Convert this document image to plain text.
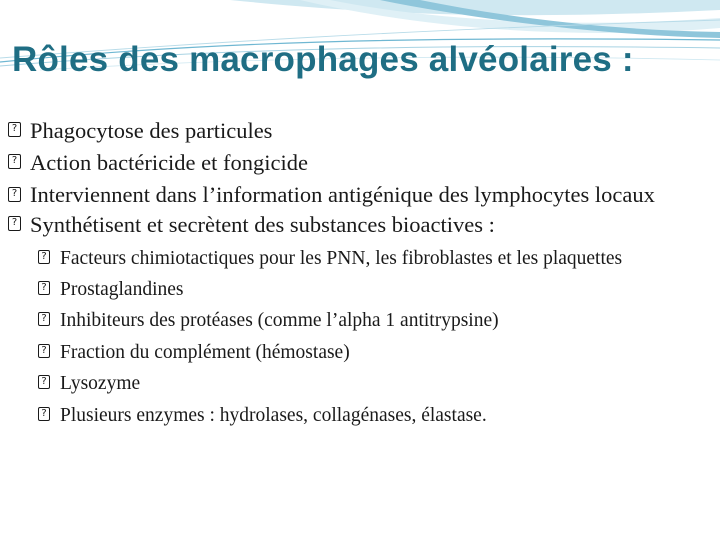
Rôles des macrophages alvéolaires :

?
Phagocytose des particules

?
Action bactéricide et fongicide

?
Interviennent dans l’information antigénique des lymphocytes locaux

?
Synthétisent et secrètent des substances bioactives :

?
Facteurs chimiotactiques pour les PNN, les fibroblastes et les plaquettes

?
Prostaglandines

?
Inhibiteurs des protéases (comme l’alpha 1 antitrypsine)

?
Fraction du complément (hémostase)

?
Lysozyme

?
Plusieurs enzymes : hydrolases, collagénases, élastase.
